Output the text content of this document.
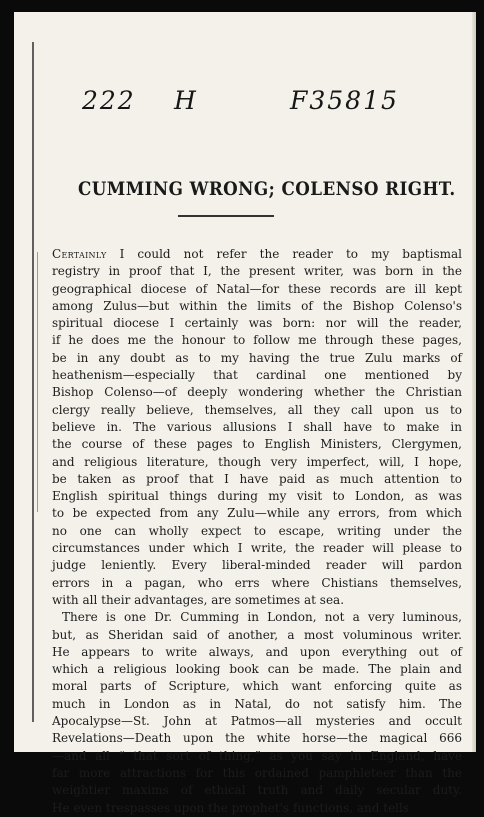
222 H	F35815
CUMMING WRONG; COLENSO RIGHT.
Certainly I could not refer the reader to my baptismal
registry in proof that I, the present writer, was born in the
geographical diocese of Natal—for these records are ill kept
among Zulus—but within the limits of the Bishop Colenso's
spiritual diocese I certainly was born: nor will the reader,
if he does me the honour to follow me through these pages,
be in any doubt as to my having the true Zulu marks of
heathenism—especially that cardinal one mentioned by
Bishop Colenso—of deeply wondering whether the Christian
clergy really believe, themselves, all they call upon us to
believe in. The various allusions I shall have to make in
the course of these pages to English Ministers, Clergymen,
and religious literature, though very imperfect, will, I hope,
be taken as proof that I have paid as much attention to
English spiritual things during my visit to London, as was
to be expected from any Zulu—while any errors, from which
no one can wholly expect to escape, writing under the
circumstances under which I write, the reader will please to
judge leniently. Every liberal-minded reader will pardon
errors in a pagan, who errs where Chistians themselves,
with all their advantages, are sometimes at sea.
There is one Dr. Cumming in London, not a very luminous,
but, as Sheridan said of another, a most voluminous writer.
He appears to write always, and upon everything out of
which a religious looking book can be made. The plain and
moral parts of Scripture, which want enforcing quite as
much in London as in Natal, do not satisfy him. The
Apocalypse—St. John at Patmos—all mysteries and occult
Revelations—Death upon the white horse—the magical 666
—and all “ that sort of thing,” as you say in England, have
far more attractions for this ordained pamphleteer than the
weightier maxims of ethical truth and daily secular duty.
He even trespasses upon the prophet's functions, and tells
